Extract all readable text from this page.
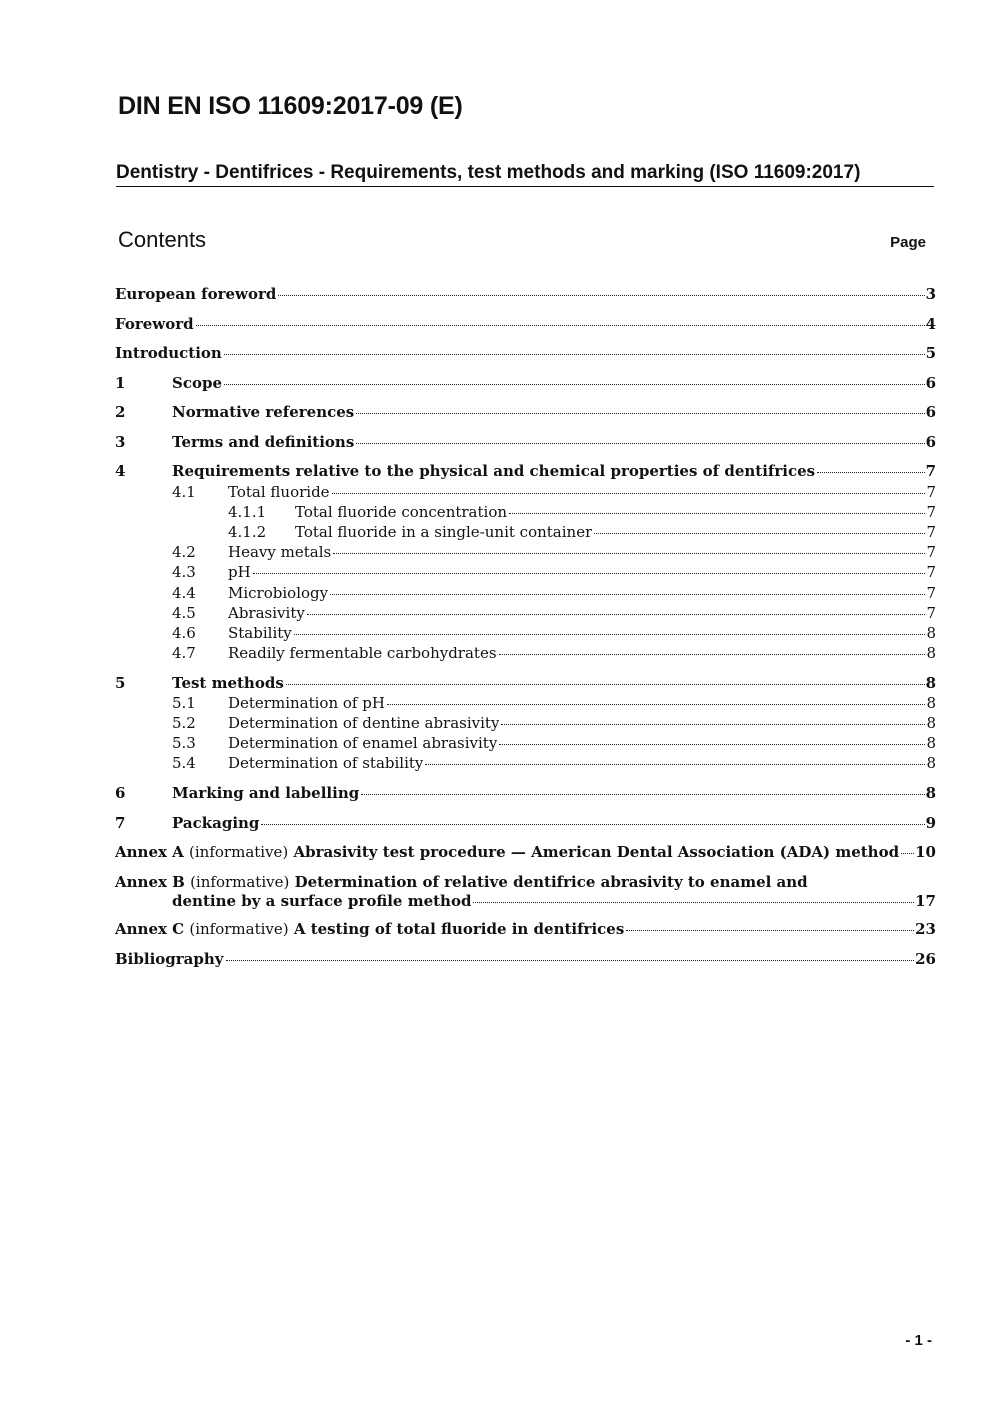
DIN EN ISO 11609:2017-09 (E)
Dentistry - Dentifrices - Requirements, test methods and marking (ISO 11609:2017)
Contents	Page
European foreword	3
Foreword	4
Introduction	5
1	Scope	6
2	Normative references	6
3	Terms and definitions	6
4	Requirements relative to the physical and chemical properties of dentifrices	7
4.1	Total fluoride	7
4.1.1	Total fluoride concentration	7
4.1.2	Total fluoride in a single-unit container	7
4.2	Heavy metals	7
4.3	pH	7
4.4	Microbiology	7
4.5	Abrasivity	7
4.6	Stability	8
4.7	Readily fermentable carbohydrates	8
5	Test methods	8
5.1	Determination of pH	8
5.2	Determination of dentine abrasivity	8
5.3	Determination of enamel abrasivity	8
5.4	Determination of stability	8
6	Marking and labelling	8
7	Packaging	9
Annex A (informative) Abrasivity test procedure — American Dental Association (ADA) method 10
Annex B (informative) Determination of relative dentifrice abrasivity to enamel and
dentine by a surface profile method	17
Annex C (informative) A testing of total fluoride in dentifrices	23
Bibliography	26
- 1 -
